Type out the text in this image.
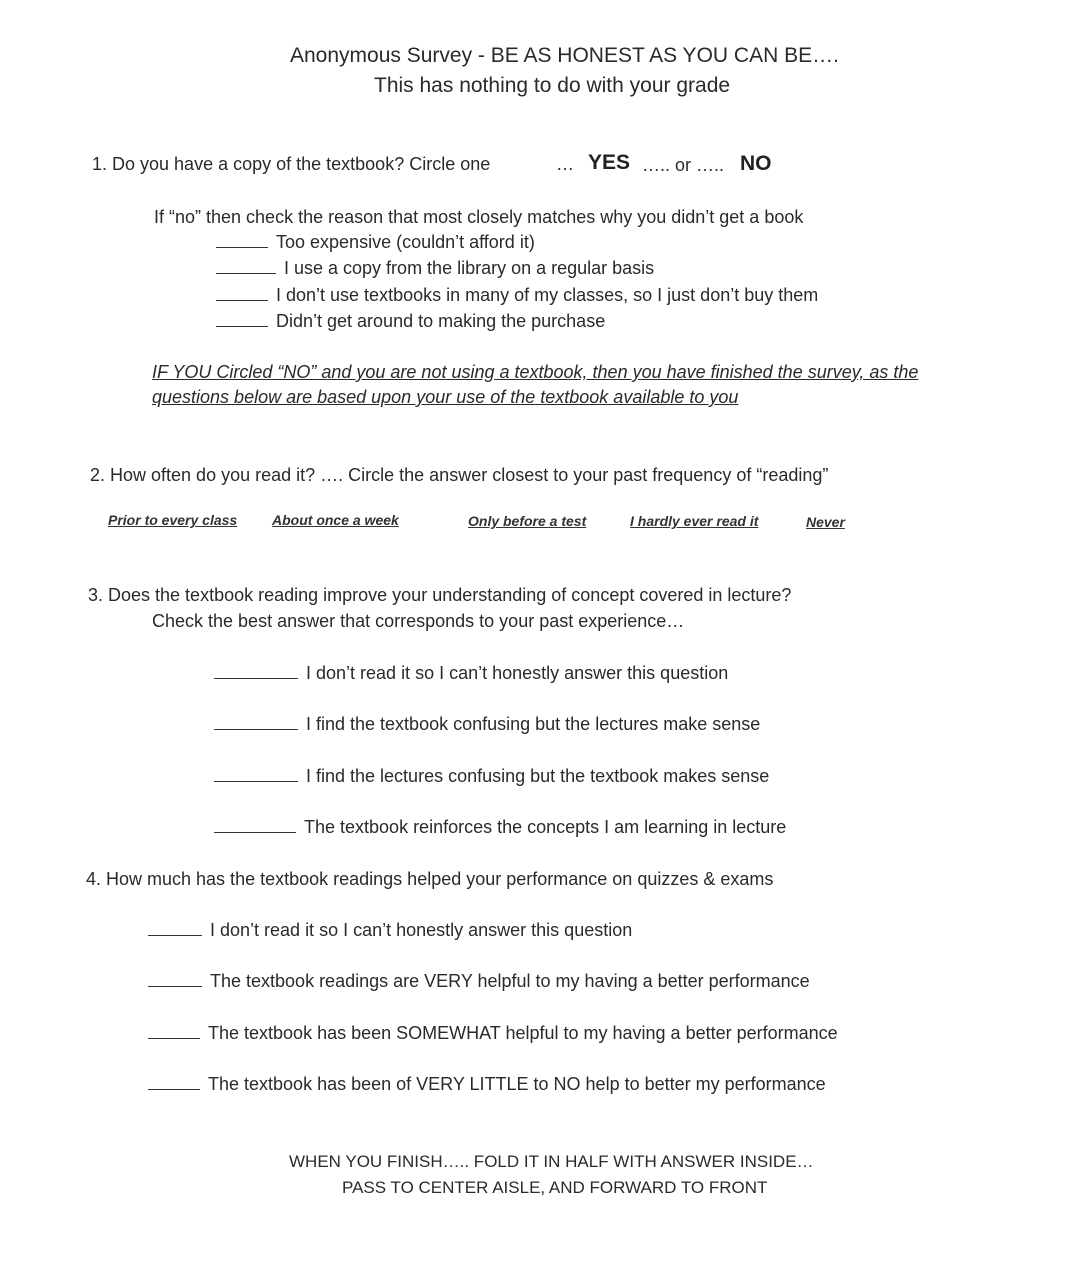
Anonymous Survey - BE AS HONEST AS YOU CAN BE….
This has nothing to do with your grade
1. Do you have a copy of the textbook? Circle one	… YES ….. or ….. NO
If “no” then check the reason that most closely matches why you didn’t get a book
Too expensive (couldn’t afford it)
I use a copy from the library on a regular basis
I don’t use textbooks in many of my classes, so I just don’t buy them
Didn’t get around to making the purchase
IF YOU Circled “NO” and you are not using a textbook, then you have finished the survey, as the
questions below are based upon your use of the textbook available to you
2. How often do you read it? …. Circle the answer closest to your past frequency of “reading”
Prior to every class About once a week	Only before a test	I hardly ever read it	Never
3. Does the textbook reading improve your understanding of concept covered in lecture?
Check the best answer that corresponds to your past experience…
I don’t read it so I can’t honestly answer this question
I find the textbook confusing but the lectures make sense
I find the lectures confusing but the textbook makes sense
The textbook reinforces the concepts I am learning in lecture
4. How much has the textbook readings helped your performance on quizzes & exams
I don’t read it so I can’t honestly answer this question
The textbook readings are VERY helpful to my having a better performance
The textbook has been SOMEWHAT helpful to my having a better performance
The textbook has been of VERY LITTLE to NO help to better my performance
WHEN YOU FINISH….. FOLD IT IN HALF WITH ANSWER INSIDE…
PASS TO CENTER AISLE, AND FORWARD TO FRONT
